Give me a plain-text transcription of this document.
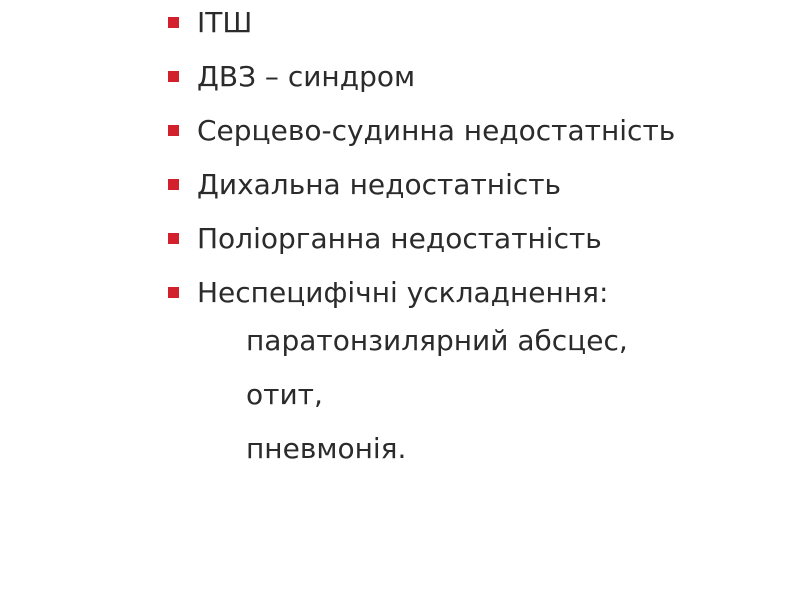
ІТШ
ДВЗ – синдром
Серцево-судинна недостатність
Дихальна недостатність
Поліорганна недостатність
Неспецифічні ускладнення:
паратонзилярний абсцес,
отит,
пневмонія.
